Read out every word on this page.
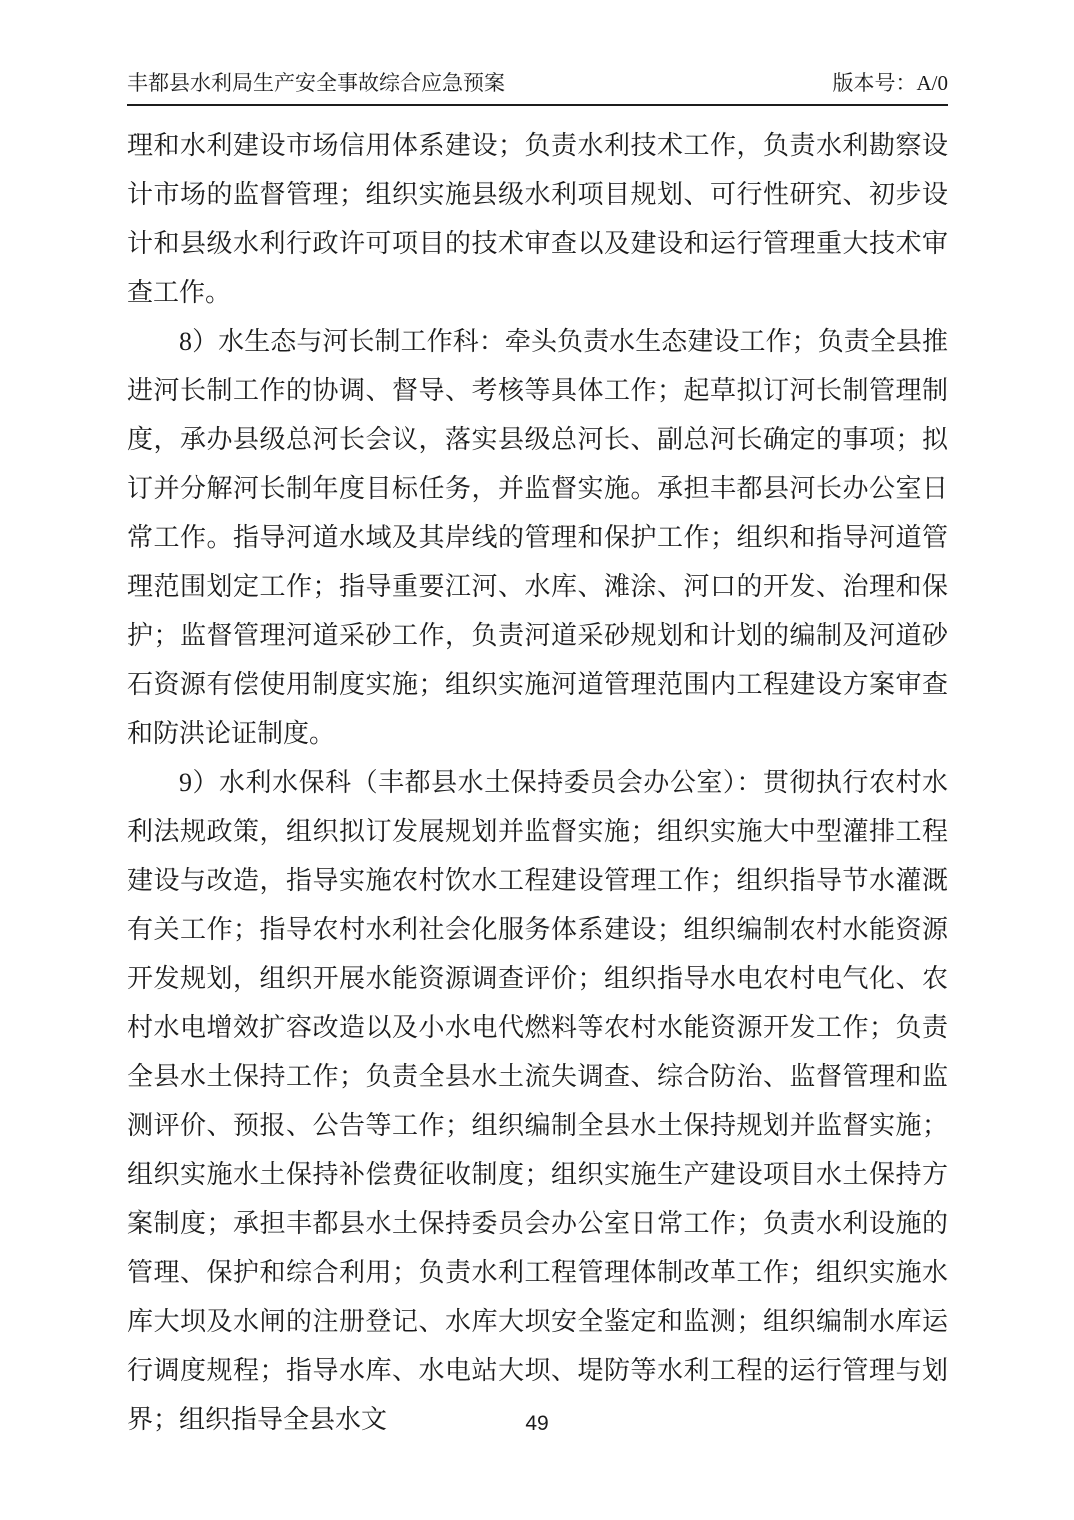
丰都县水利局生产安全事故综合应急预案	版本号：A/0

理和水利建设市场信用体系建设；负责水利技术工作，负责水利勘察设计市场的监督管理；组织实施县级水利项目规划、可行性研究、初步设计和县级水利行政许可项目的技术审查以及建设和运行管理重大技术审查工作。

8）水生态与河长制工作科：牵头负责水生态建设工作；负责全县推进河长制工作的协调、督导、考核等具体工作；起草拟订河长制管理制度，承办县级总河长会议，落实县级总河长、副总河长确定的事项；拟订并分解河长制年度目标任务，并监督实施。承担丰都县河长办公室日常工作。指导河道水域及其岸线的管理和保护工作；组织和指导河道管理范围划定工作；指导重要江河、水库、滩涂、河口的开发、治理和保护；监督管理河道采砂工作，负责河道采砂规划和计划的编制及河道砂石资源有偿使用制度实施；组织实施河道管理范围内工程建设方案审查和防洪论证制度。

9）水利水保科（丰都县水土保持委员会办公室）：贯彻执行农村水利法规政策，组织拟订发展规划并监督实施；组织实施大中型灌排工程建设与改造，指导实施农村饮水工程建设管理工作；组织指导节水灌溉有关工作；指导农村水利社会化服务体系建设；组织编制农村水能资源开发规划，组织开展水能资源调查评价；组织指导水电农村电气化、农村水电增效扩容改造以及小水电代燃料等农村水能资源开发工作；负责全县水土保持工作；负责全县水土流失调查、综合防治、监督管理和监测评价、预报、公告等工作；组织编制全县水土保持规划并监督实施；组织实施水土保持补偿费征收制度；组织实施生产建设项目水土保持方案制度；承担丰都县水土保持委员会办公室日常工作；负责水利设施的管理、保护和综合利用；负责水利工程管理体制改革工作；组织实施水库大坝及水闸的注册登记、水库大坝安全鉴定和监测；组织编制水库运行调度规程；指导水库、水电站大坝、堤防等水利工程的运行管理与划界；组织指导全县水文	49
